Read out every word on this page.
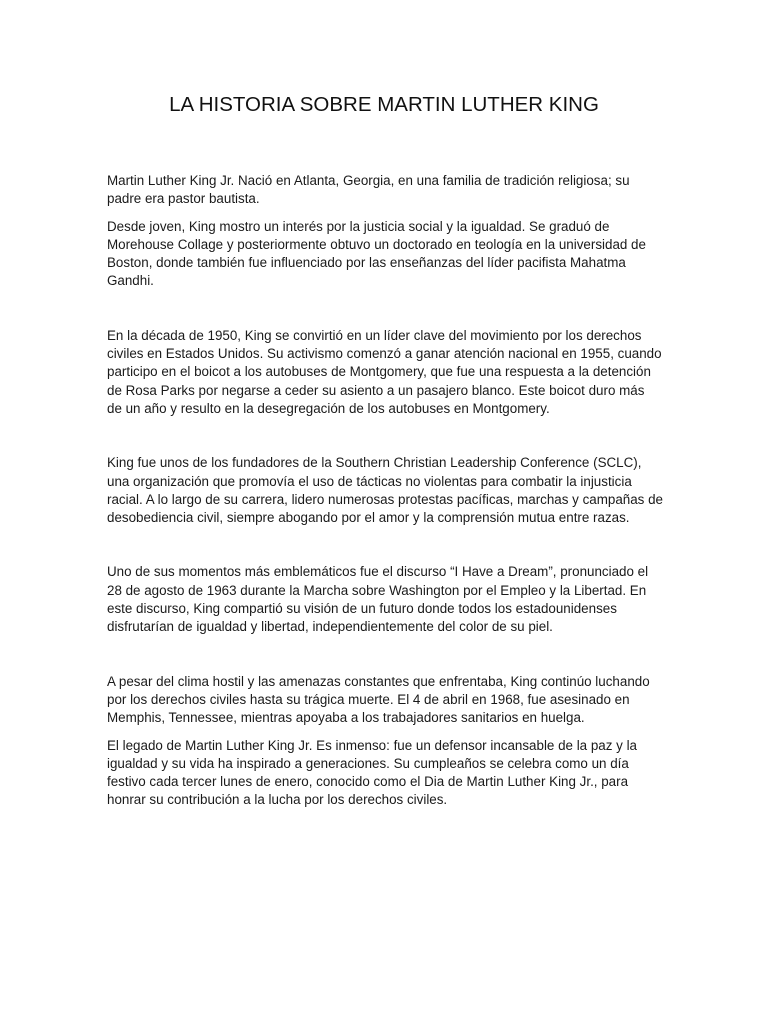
LA HISTORIA SOBRE MARTIN LUTHER KING

Martin Luther King Jr. Nació en Atlanta, Georgia, en una familia de tradición religiosa; su padre era pastor bautista.

Desde joven, King mostro un interés por la justicia social y la igualdad. Se graduó de Morehouse Collage y posteriormente obtuvo un doctorado en teología en la universidad de Boston, donde también fue influenciado por las enseñanzas del líder pacifista Mahatma Gandhi.

En la década de 1950, King se convirtió en un líder clave del movimiento por los derechos civiles en Estados Unidos. Su activismo comenzó a ganar atención nacional en 1955, cuando participo en el boicot a los autobuses de Montgomery, que fue una respuesta a la detención de Rosa Parks por negarse a ceder su asiento a un pasajero blanco. Este boicot duro más de un año y resulto en la desegregación de los autobuses en Montgomery.

King fue unos de los fundadores de la Southern Christian Leadership Conference (SCLC), una organización que promovía el uso de tácticas no violentas para combatir la injusticia racial. A lo largo de su carrera, lidero numerosas protestas pacíficas, marchas y campañas de desobediencia civil, siempre abogando por el amor y la comprensión mutua entre razas.

Uno de sus momentos más emblemáticos fue el discurso “I Have a Dream”, pronunciado el 28 de agosto de 1963 durante la Marcha sobre Washington por el Empleo y la Libertad. En este discurso, King compartió su visión de un futuro donde todos los estadounidenses disfrutarían de igualdad y libertad, independientemente del color de su piel.

A pesar del clima hostil y las amenazas constantes que enfrentaba, King continúo luchando por los derechos civiles hasta su trágica muerte. El 4 de abril en 1968, fue asesinado en Memphis, Tennessee, mientras apoyaba a los trabajadores sanitarios en huelga.

El legado de Martin Luther King Jr. Es inmenso: fue un defensor incansable de la paz y la igualdad y su vida ha inspirado a generaciones. Su cumpleaños se celebra como un día festivo cada tercer lunes de enero, conocido como el Dia de Martin Luther King Jr., para honrar su contribución a la lucha por los derechos civiles.
